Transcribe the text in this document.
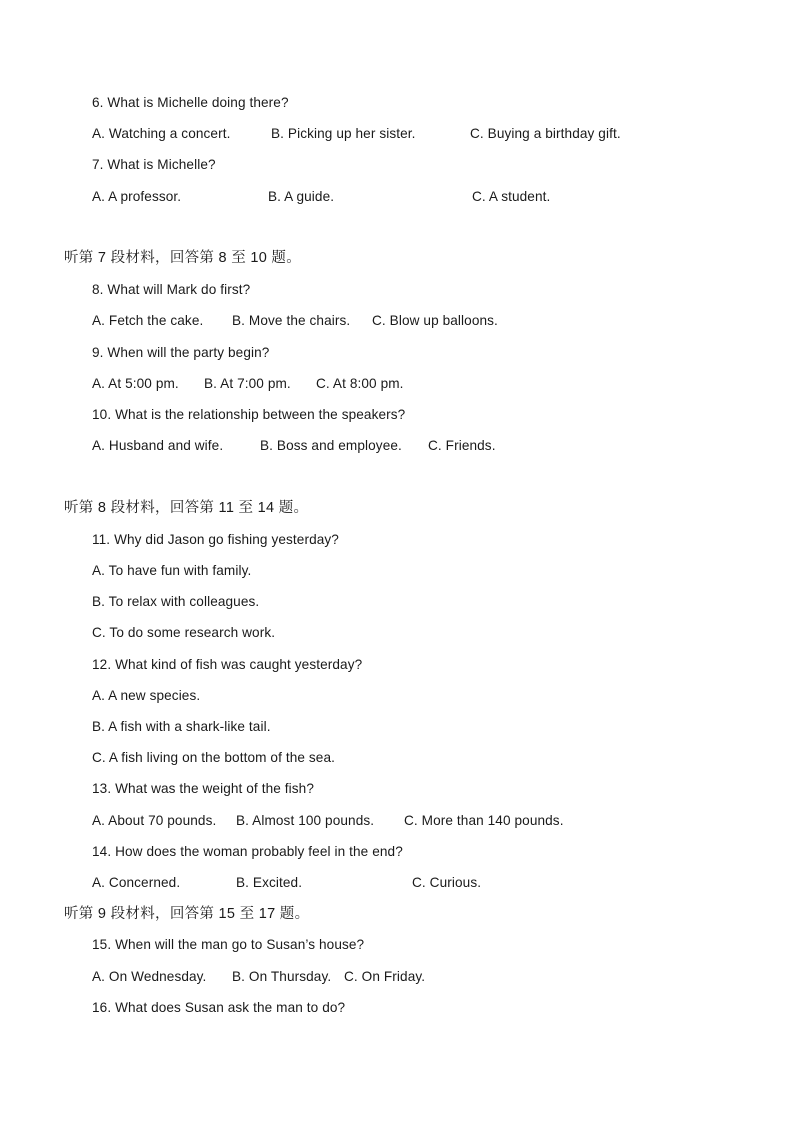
6. What is Michelle doing there?
A. Watching a concert.	B. Picking up her sister.	C. Buying a birthday gift.
7. What is Michelle?
A. A professor.	B. A guide.	C. A student.
听第 7 段材料，回答第 8 至 10 题。
8. What will Mark do first?
A. Fetch the cake. B. Move the chairs. C. Blow up balloons.
9. When will the party begin?
A. At 5:00 pm. B. At 7:00 pm. C. At 8:00 pm.
10. What is the relationship between the speakers?
A. Husband and wife.	B. Boss and employee. C. Friends.
听第 8 段材料，回答第 11 至 14 题。
11. Why did Jason go fishing yesterday?
A. To have fun with family.
B. To relax with colleagues.
C. To do some research work.
12. What kind of fish was caught yesterday?
A. A new species.
B. A fish with a shark-like tail.
C. A fish living on the bottom of the sea.
13. What was the weight of the fish?
A. About 70 pounds. B. Almost 100 pounds. C. More than 140 pounds.
14. How does the woman probably feel in the end?
A. Concerned.	B. Excited.	C. Curious.
听第 9 段材料，回答第 15 至 17 题。
15. When will the man go to Susan’s house?
A. On Wednesday. B. On Thursday. C. On Friday.
16. What does Susan ask the man to do?
